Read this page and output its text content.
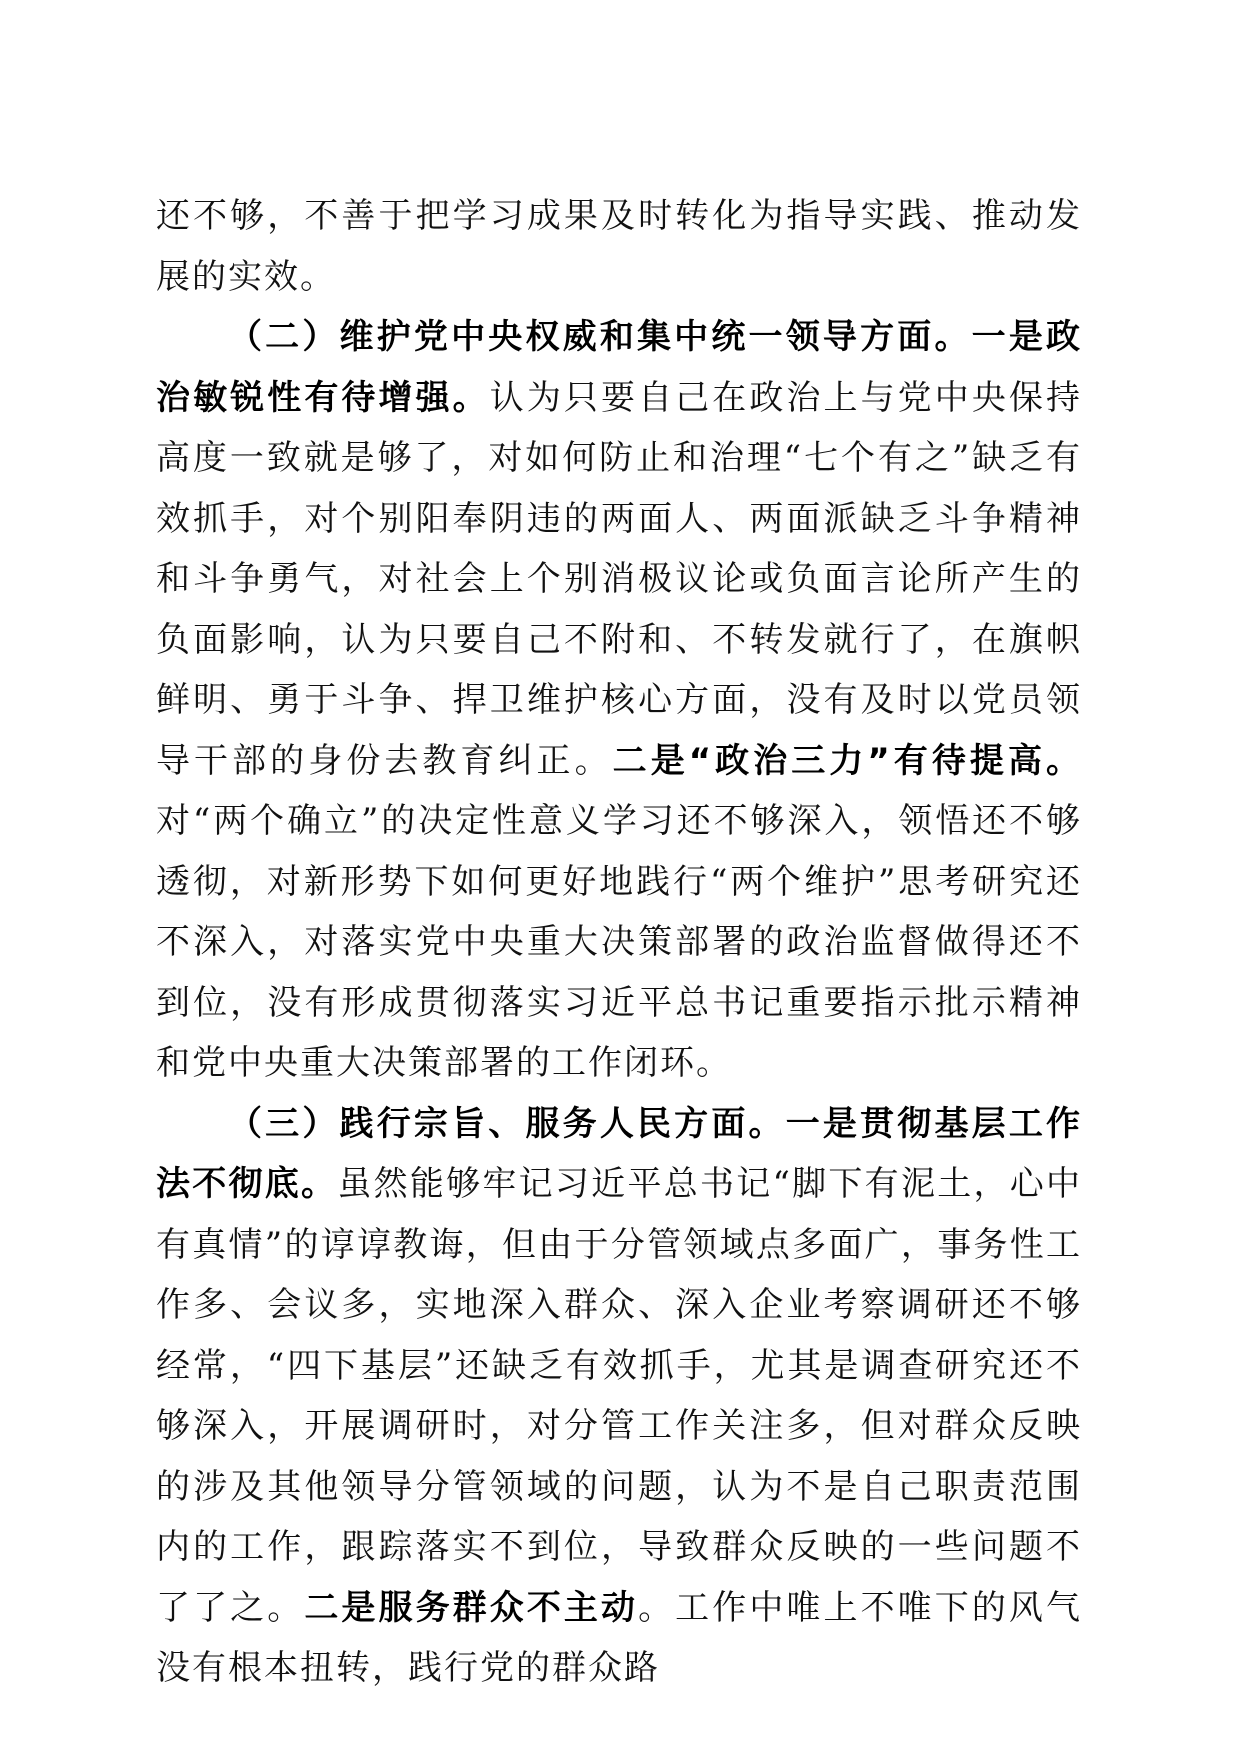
还不够，不善于把学习成果及时转化为指导实践、推动发展的实效。

（二）维护党中央权威和集中统一领导方面。一是政治敏锐性有待增强。认为只要自己在政治上与党中央保持高度一致就是够了，对如何防止和治理“七个有之”缺乏有效抓手，对个别阳奉阴违的两面人、两面派缺乏斗争精神和斗争勇气，对社会上个别消极议论或负面言论所产生的负面影响，认为只要自己不附和、不转发就行了，在旗帜鲜明、勇于斗争、捍卫维护核心方面，没有及时以党员领导干部的身份去教育纠正。二是“政治三力”有待提高。对“两个确立”的决定性意义学习还不够深入，领悟还不够透彻，对新形势下如何更好地践行“两个维护”思考研究还不深入，对落实党中央重大决策部署的政治监督做得还不到位，没有形成贯彻落实习近平总书记重要指示批示精神和党中央重大决策部署的工作闭环。

（三）践行宗旨、服务人民方面。一是贯彻基层工作法不彻底。虽然能够牢记习近平总书记“脚下有泥土，心中有真情”的谆谆教诲，但由于分管领域点多面广，事务性工作多、会议多，实地深入群众、深入企业考察调研还不够经常，“四下基层”还缺乏有效抓手，尤其是调查研究还不够深入，开展调研时，对分管工作关注多，但对群众反映的涉及其他领导分管领域的问题，认为不是自己职责范围内的工作，跟踪落实不到位，导致群众反映的一些问题不了了之。二是服务群众不主动。工作中唯上不唯下的风气没有根本扭转，践行党的群众路
